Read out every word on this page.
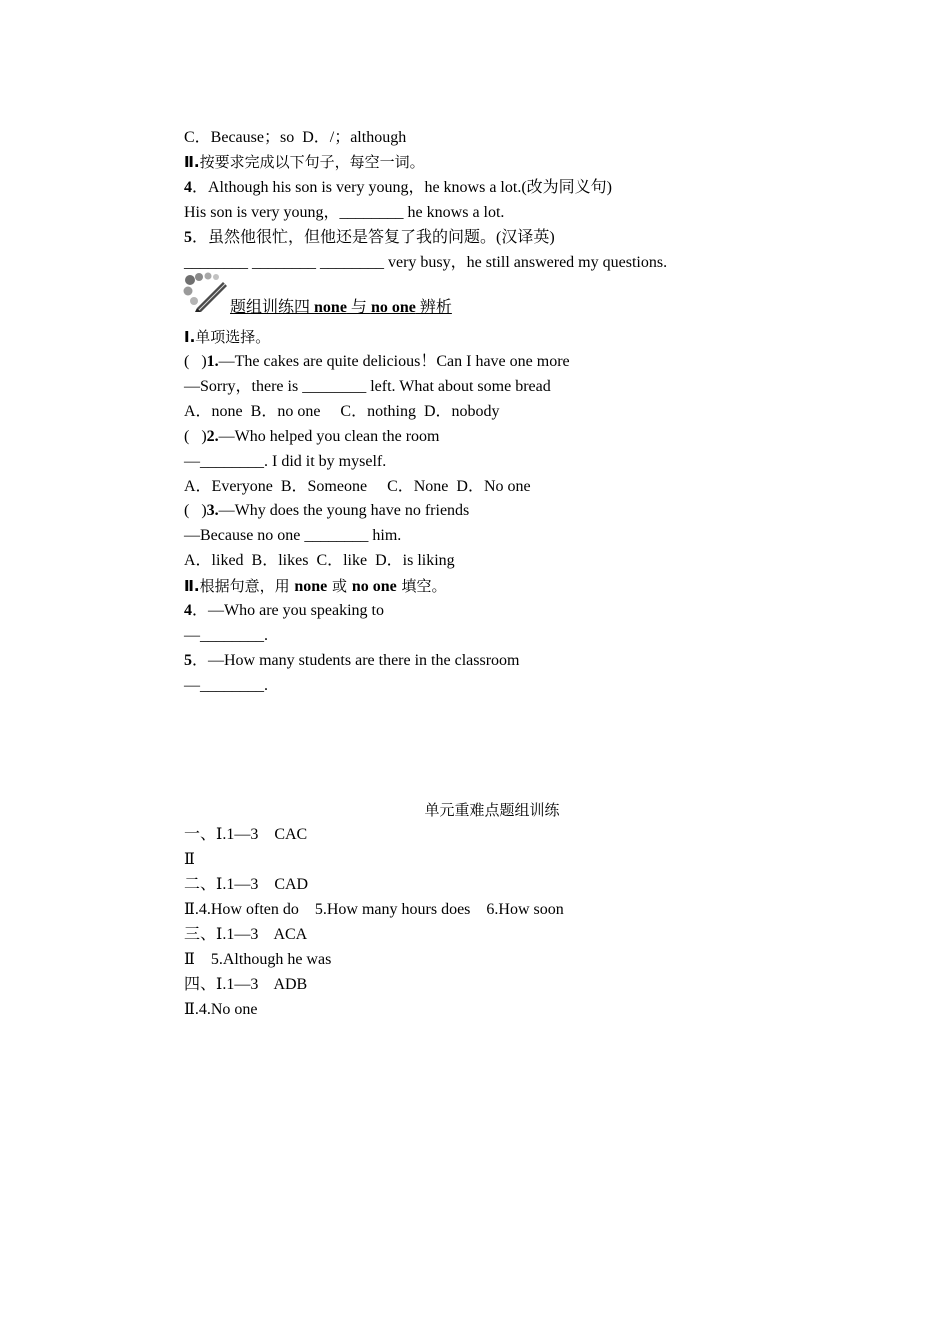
C．Because；so  D．/；although
Ⅱ.按要求完成以下句子，每空一词。
4．Although his son is very young，he knows a lot.(改为同义句)
His son is very young，________ he knows a lot.
5．虽然他很忙，但他还是答复了我的问题。(汉译英)
________ ________ ________ very busy，he still answered my questions.
题组训练四 none 与 no one 辨析
Ⅰ.单项选择。
(   )1.—The cakes are quite delicious！Can I have one more
—Sorry，there is ________ left. What about some bread
A．none  B．no one     C．nothing  D．nobody
(   )2.—Who helped you clean the room
—________. I did it by myself.
A．Everyone  B．Someone     C．None  D．No one
(   )3.—Why does the young have no friends
—Because no one ________ him.
A．liked  B．likes  C．like  D．is liking
Ⅱ.根据句意，用 none 或 no one 填空。
4．—Who are you speaking to
—________.
5．—How many students are there in the classroom
—________.
单元重难点题组训练
一、Ⅰ.1—3    CAC
Ⅱ
二、Ⅰ.1—3    CAD
Ⅱ.4.How often do    5.How many hours does    6.How soon
三、Ⅰ.1—3    ACA
Ⅱ    5.Although he was
四、Ⅰ.1—3    ADB
Ⅱ.4.No one
